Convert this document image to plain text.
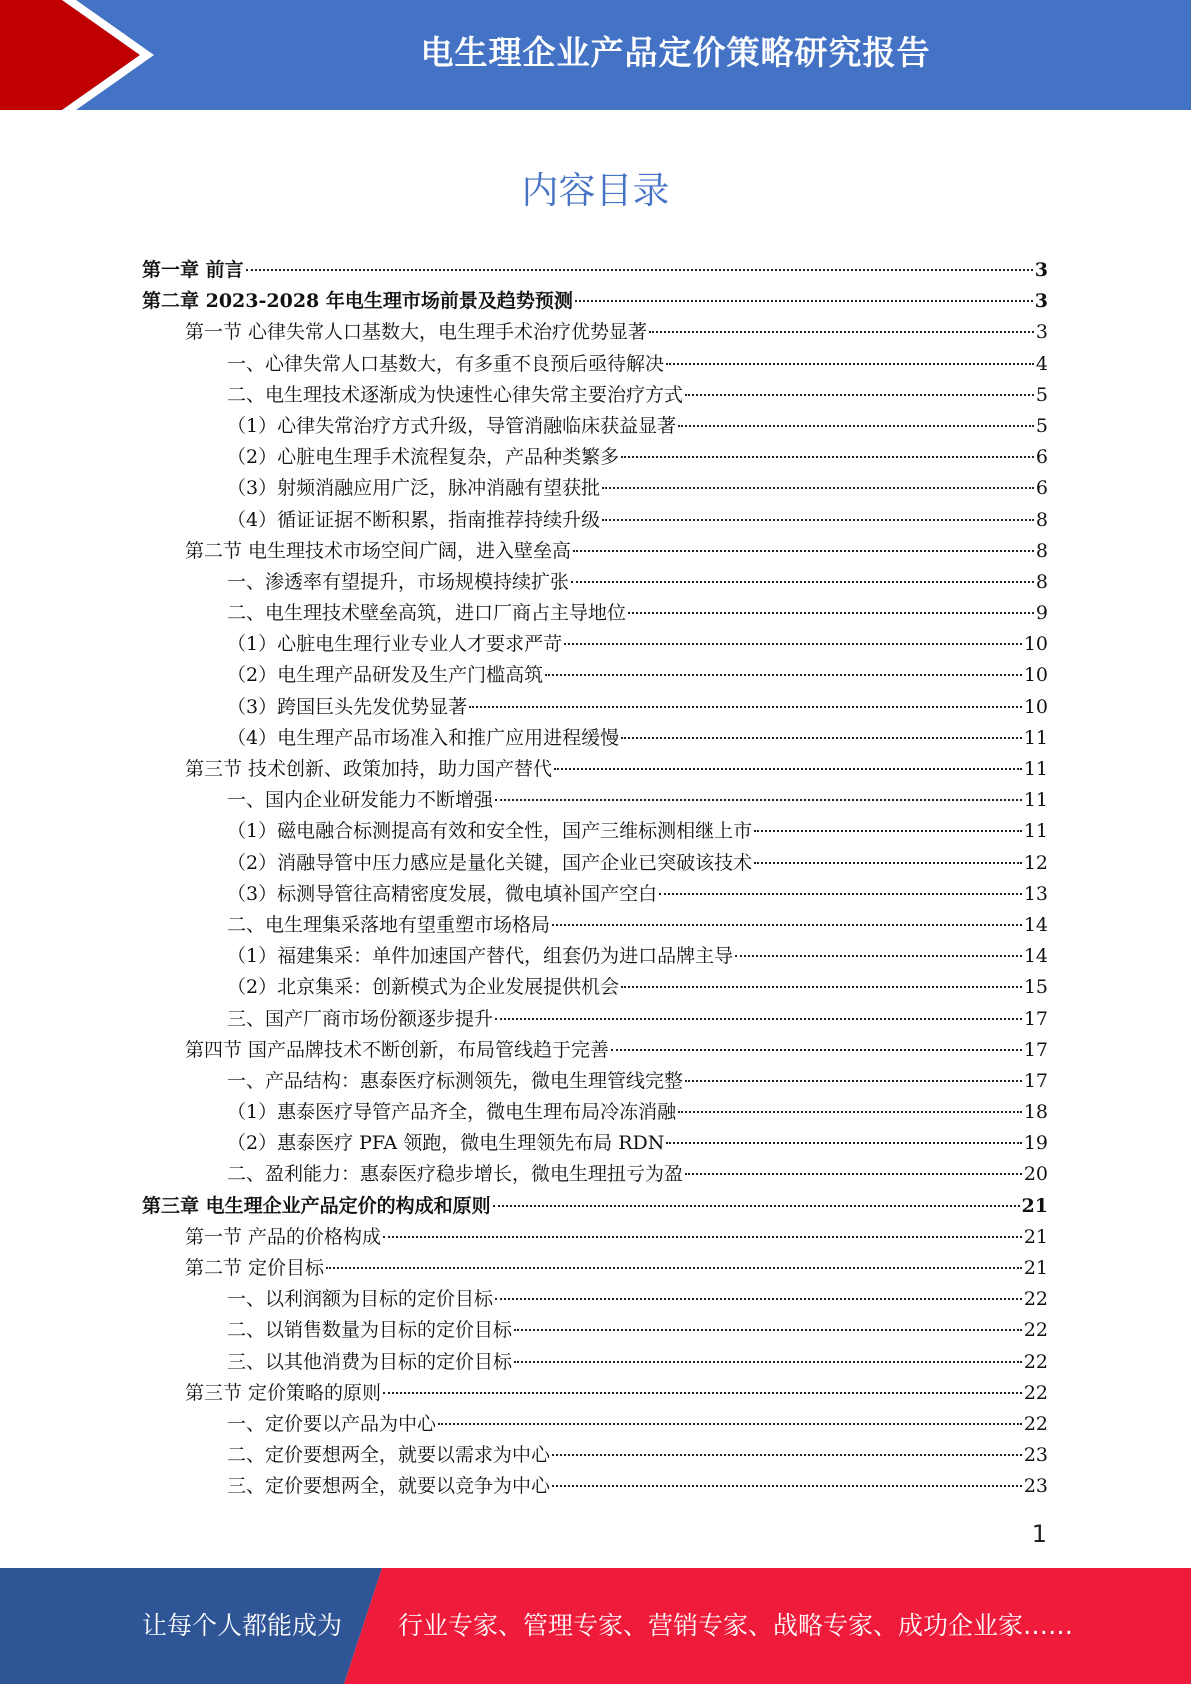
电生理企业产品定价策略研究报告
内容目录
第一章 前言	3
第二章 2023-2028 年电生理市场前景及趋势预测	3
第一节 心律失常人口基数大，电生理手术治疗优势显著	3
一、心律失常人口基数大，有多重不良预后亟待解决	4
二、电生理技术逐渐成为快速性心律失常主要治疗方式	5
（1）心律失常治疗方式升级，导管消融临床获益显著	5
（2）心脏电生理手术流程复杂，产品种类繁多	6
（3）射频消融应用广泛，脉冲消融有望获批	6
（4）循证证据不断积累，指南推荐持续升级	8
第二节 电生理技术市场空间广阔，进入壁垒高	8
一、渗透率有望提升，市场规模持续扩张	8
二、电生理技术壁垒高筑，进口厂商占主导地位	9
（1）心脏电生理行业专业人才要求严苛	10
（2）电生理产品研发及生产门槛高筑	10
（3）跨国巨头先发优势显著	10
（4）电生理产品市场准入和推广应用进程缓慢	11
第三节 技术创新、政策加持，助力国产替代	11
一、国内企业研发能力不断增强	11
（1）磁电融合标测提高有效和安全性，国产三维标测相继上市	11
（2）消融导管中压力感应是量化关键，国产企业已突破该技术	12
（3）标测导管往高精密度发展，微电填补国产空白	13
二、电生理集采落地有望重塑市场格局	14
（1）福建集采：单件加速国产替代，组套仍为进口品牌主导	14
（2）北京集采：创新模式为企业发展提供机会	15
三、国产厂商市场份额逐步提升	17
第四节 国产品牌技术不断创新，布局管线趋于完善	17
一、产品结构：惠泰医疗标测领先，微电生理管线完整	17
（1）惠泰医疗导管产品齐全，微电生理布局冷冻消融	18
（2）惠泰医疗 PFA 领跑，微电生理领先布局 RDN	19
二、盈利能力：惠泰医疗稳步增长，微电生理扭亏为盈	20
第三章 电生理企业产品定价的构成和原则	21
第一节 产品的价格构成	21
第二节 定价目标	21
一、以利润额为目标的定价目标	22
二、以销售数量为目标的定价目标	22
三、以其他消费为目标的定价目标	22
第三节 定价策略的原则	22
一、定价要以产品为中心	22
二、定价要想两全，就要以需求为中心	23
三、定价要想两全，就要以竞争为中心	23
1
让每个人都能成为 行业专家、管理专家、营销专家、战略专家、成功企业家……
